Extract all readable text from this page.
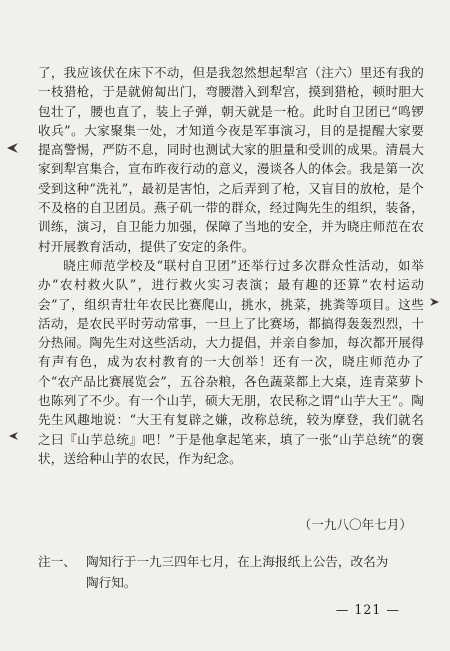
了，我应该伏在床下不动，但是我忽然想起犁宫（注六）里还有我的一枝猎枪，于是就俯匐出门，弯腰潜入到犁宫，摸到猎枪，顿时胆大包壮了，腰也直了，装上子弹，朝天就是一枪。此时自卫团已“鸣锣收兵”。大家聚集一处，才知道今夜是军事演习，目的是提醒大家要提高警惕，严防不息，同时也测试大家的胆量和受训的成果。清晨大家到犁宫集合，宣布昨夜行动的意义，漫谈各人的体会。我是第一次受到这种“洗礼”，最初是害怕，之后弄到了枪，又盲目的放枪，是个不及格的自卫团员。燕子矶一带的群众，经过陶先生的组织，装备，训练，演习，自卫能力加强，保障了当地的安全，并为晓庄师范在农村开展教育活动，提供了安定的条件。

晓庄师范学校及“联村自卫团”还举行过多次群众性活动，如举办“农村救火队”，进行救火实习表演；最有趣的还算“农村运动会”了，组织青壮年农民比赛爬山，挑水，挑菜，挑粪等项目。这些活动，是农民平时劳动常事，一旦上了比赛场，都搞得轰轰烈烈，十分热闹。陶先生对这些活动，大力提倡，并亲自参加，每次都开展得有声有色，成为农村教育的一大创举！还有一次，晓庄师范办了个“农产品比赛展览会”，五谷杂粮，各色蔬菜都上大桌，连青菜萝卜也陈列了不少。有一个山芋，硕大无朋，农民称之谓“山芋大王”。陶先生风趣地说：“大王有复辟之嫌，改称总统，较为摩登，我们就名之曰『山芋总统』吧！”于是他拿起笔来，填了一张“山芋总统”的褒状，送给种山芋的农民，作为纪念。

（一九八〇年七月）
注一、 陶知行于一九三四年七月，在上海报纸上公告，改名为
陶行知。
— 121 —
